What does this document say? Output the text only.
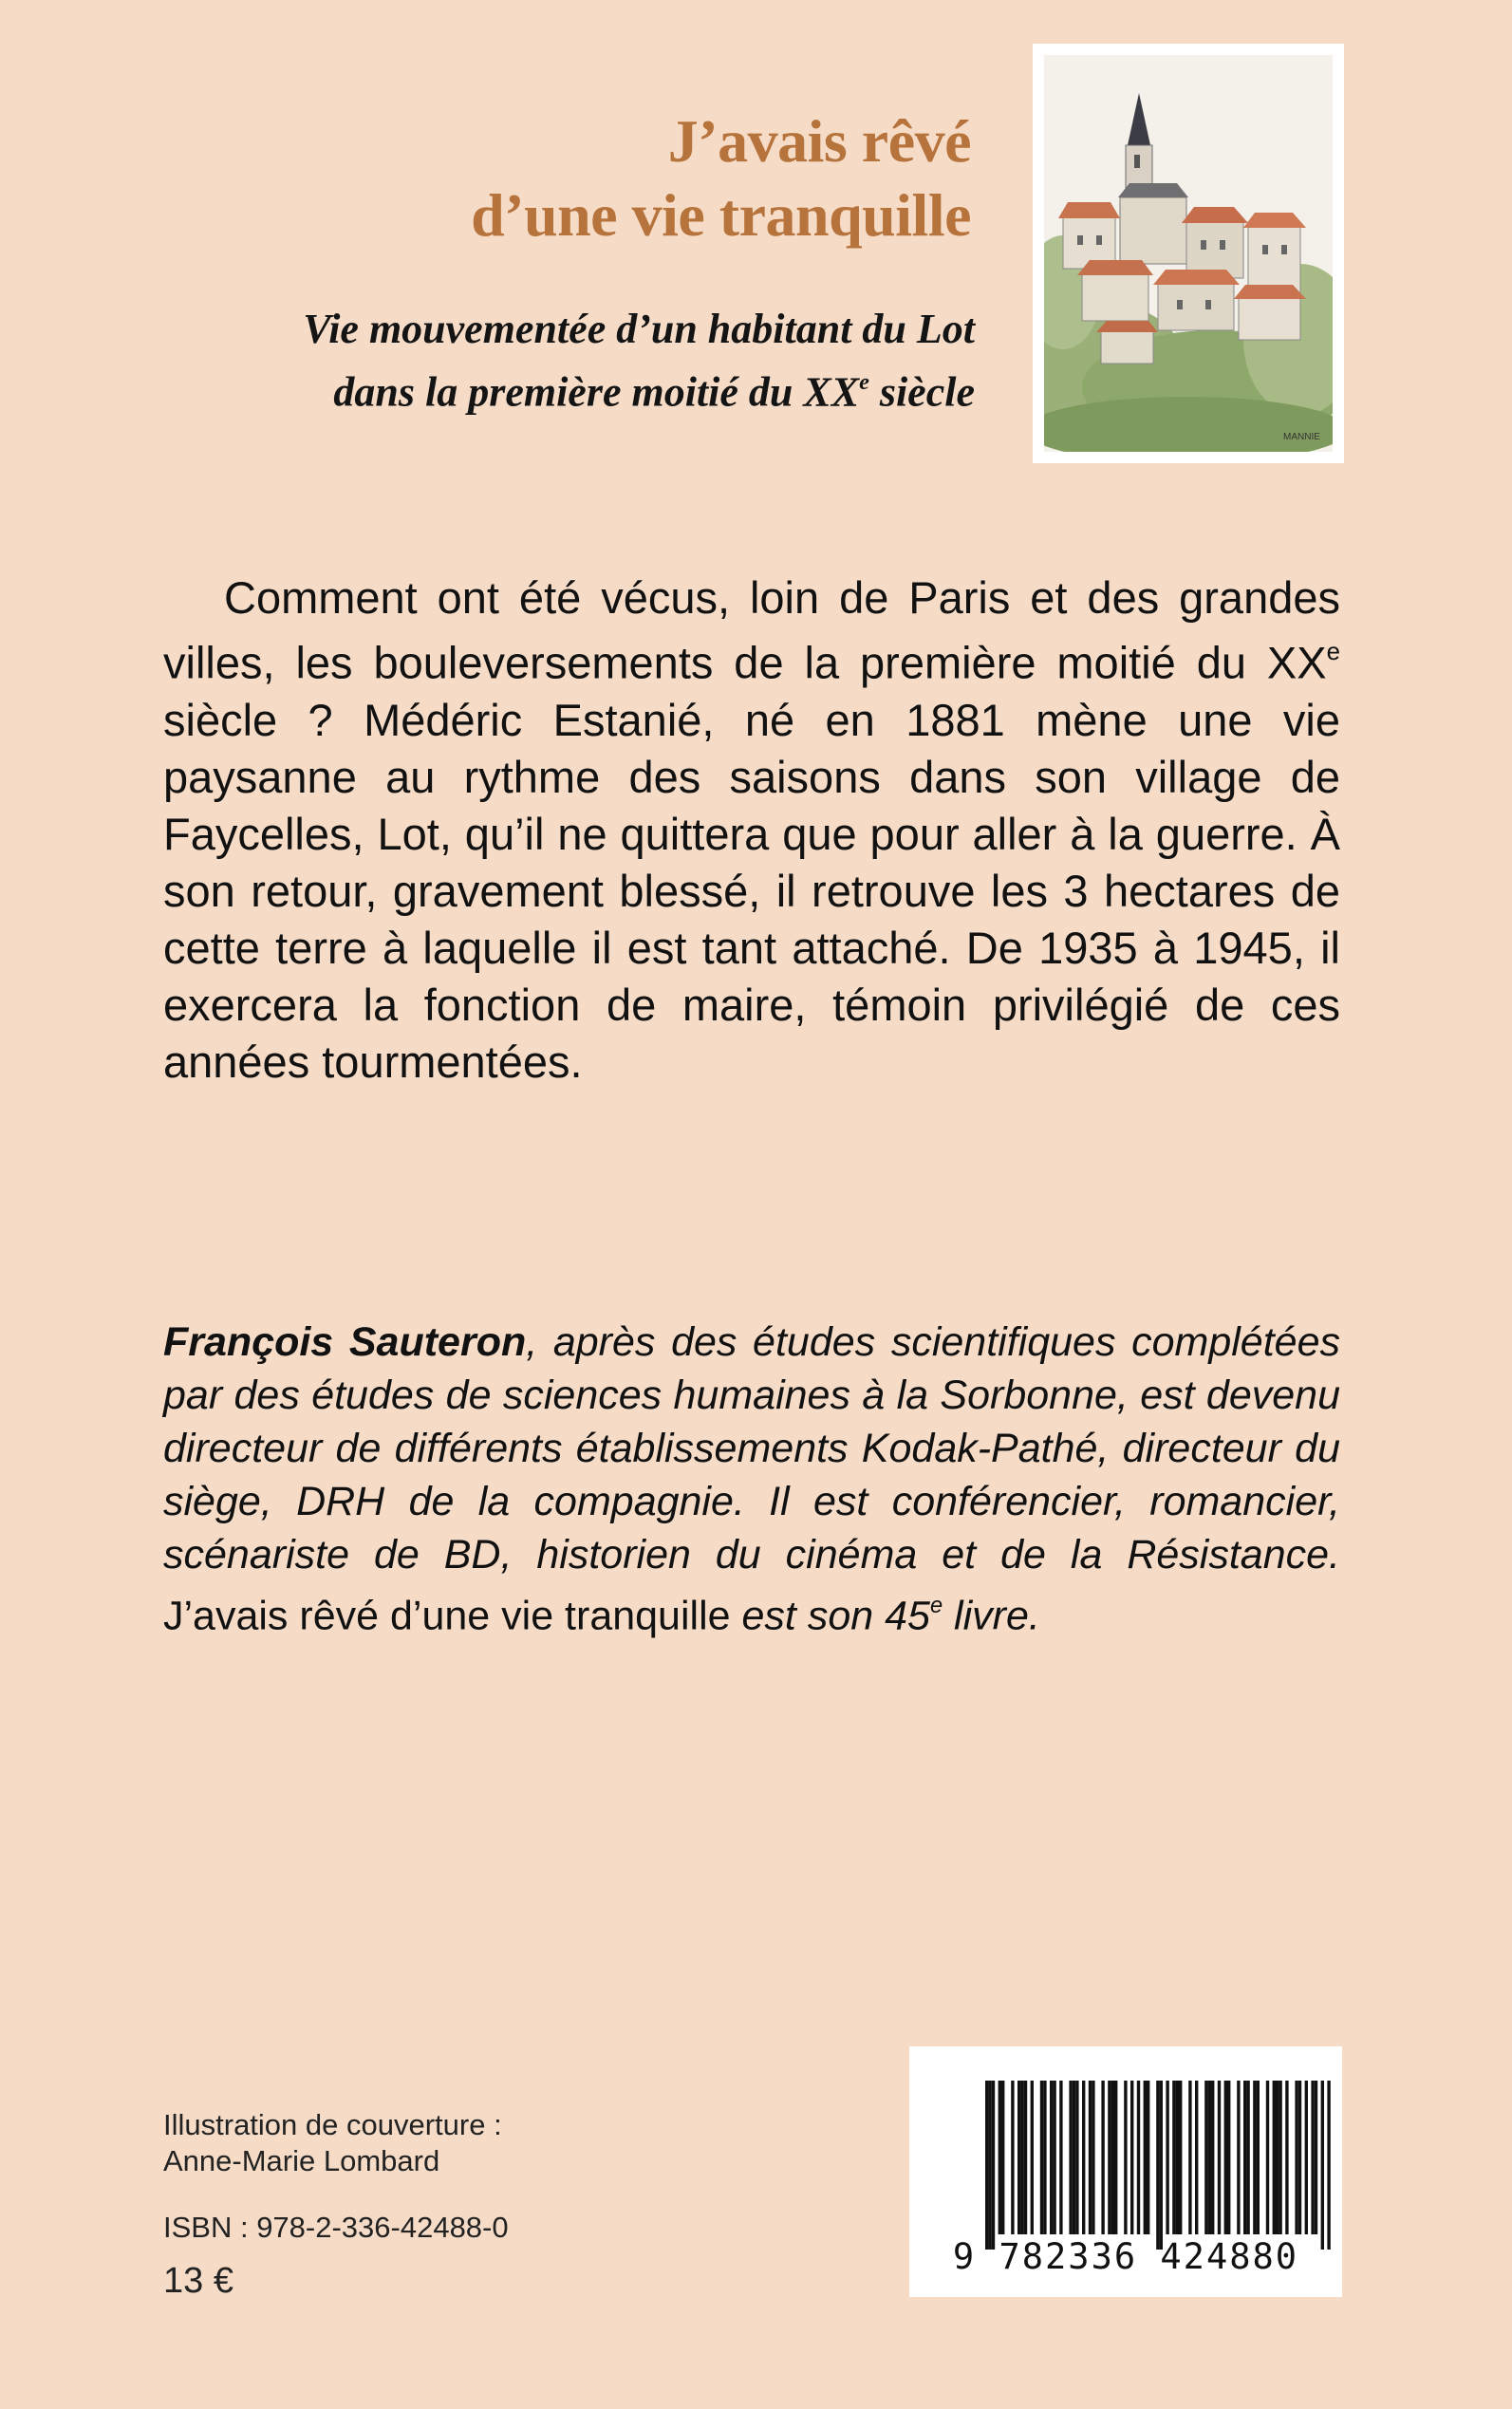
J’avais rêvé
d’une vie tranquille
Vie mouvementée d’un habitant du Lot
dans la première moitié du XXe siècle
MANNIE

Comment ont été vécus, loin de Paris et des grandes villes, les bouleversements de la première moitié du XXe siècle ? Médéric Estanié, né en 1881 mène une vie paysanne au rythme des saisons dans son village de Faycelles, Lot, qu’il ne quittera que pour aller à la guerre. À son retour, gravement blessé, il retrouve les 3 hectares de cette terre à laquelle il est tant attaché. De 1935 à 1945, il exercera la fonction de maire, témoin privilégié de ces années tourmentées.

François Sauteron, après des études scientifiques complétées par des études de sciences humaines à la Sorbonne, est devenu directeur de différents établissements Kodak-Pathé, directeur du siège, DRH de la compagnie. Il est conférencier, romancier, scénariste de BD, historien du cinéma et de la Résistance. J’avais rêvé d’une vie tranquille est son 45e livre.
Illustration de couverture :
Anne-Marie Lombard
ISBN : 978-2-336-42488-0
13 €
9 782336 424880
